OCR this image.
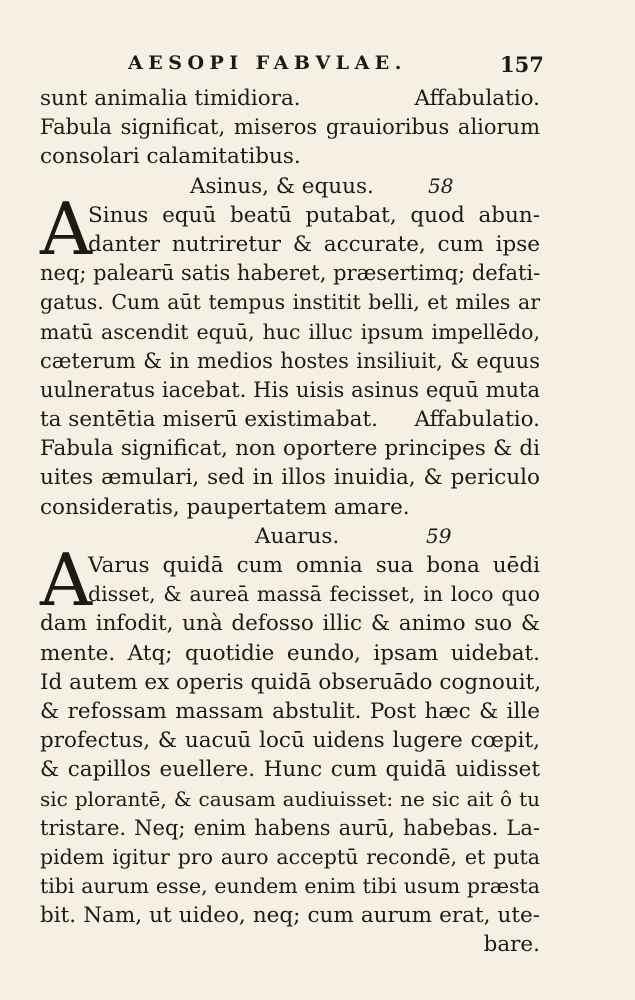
AESOPI FABVLAE.	157
A
A
sunt animalia timidiora.	Affabulatio.
Fabula significat, miseros grauioribus aliorum
consolari calamitatibus.
Asinus, & equus.	58
Sinus equū beatū putabat, quod abun-
danter nutriretur & accurate, cum ipse
neq; palearū satis haberet, præsertimq; defati-
gatus. Cum aūt tempus institit belli, et miles ar
matū ascendit equū, huc illuc ipsum impellēdo,
cæterum & in medios hostes insiliuit, & equus
uulneratus iacebat. His uisis asinus equū muta
ta sentētia miserū existimabat. Affabulatio.
Fabula significat, non oportere principes & di
uites æmulari, sed in illos inuidia, & periculo
consideratis, paupertatem amare.
Auarus.	59
Varus quidā cum omnia sua bona uēdi
disset, & aureā massā fecisset, in loco quo
dam infodit, unà defosso illic & animo suo &
mente. Atq; quotidie eundo, ipsam uidebat.
Id autem ex operis quidā obseruādo cognouit,
& refossam massam abstulit. Post hæc & ille
profectus, & uacuū locū uidens lugere cœpit,
& capillos euellere. Hunc cum quidā uidisset
sic plorantē, & causam audiuisset: ne sic ait ô tu
tristare. Neq; enim habens aurū, habebas. La-
pidem igitur pro auro acceptū recondē, et puta
tibi aurum esse, eundem enim tibi usum præsta
bit. Nam, ut uideo, neq; cum aurum erat, ute-
bare.
